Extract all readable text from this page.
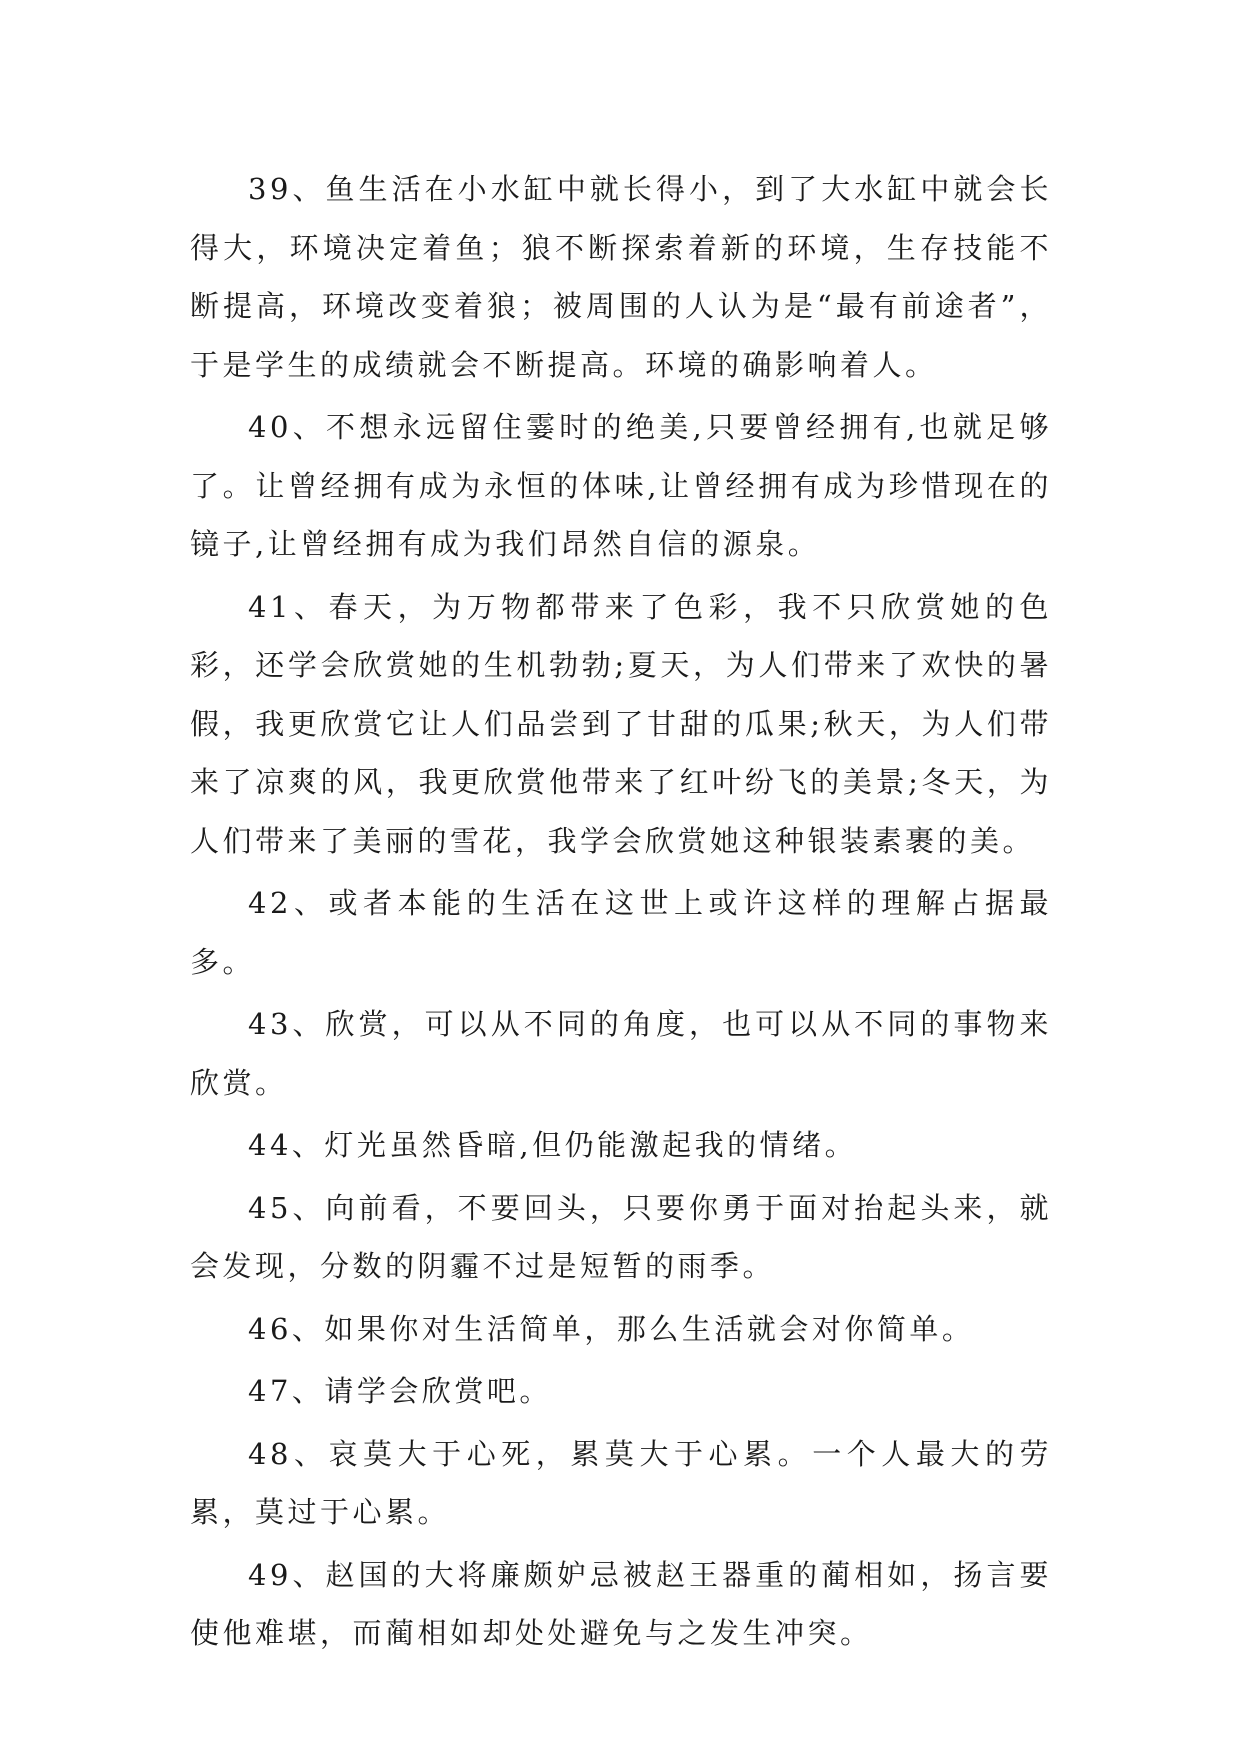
39、鱼生活在小水缸中就长得小，到了大水缸中就会长得大，环境决定着鱼；狼不断探索着新的环境，生存技能不断提高，环境改变着狼；被周围的人认为是“最有前途者”，于是学生的成绩就会不断提高。环境的确影响着人。

40、不想永远留住霎时的绝美,只要曾经拥有,也就足够了。让曾经拥有成为永恒的体味,让曾经拥有成为珍惜现在的镜子,让曾经拥有成为我们昂然自信的源泉。

41、春天，为万物都带来了色彩，我不只欣赏她的色彩，还学会欣赏她的生机勃勃;夏天，为人们带来了欢快的暑假，我更欣赏它让人们品尝到了甘甜的瓜果;秋天，为人们带来了凉爽的风，我更欣赏他带来了红叶纷飞的美景;冬天，为人们带来了美丽的雪花，我学会欣赏她这种银装素裹的美。

42、或者本能的生活在这世上或许这样的理解占据最多。

43、欣赏，可以从不同的角度，也可以从不同的事物来欣赏。

44、灯光虽然昏暗,但仍能激起我的情绪。

45、向前看，不要回头，只要你勇于面对抬起头来，就会发现，分数的阴霾不过是短暂的雨季。

46、如果你对生活简单，那么生活就会对你简单。

47、请学会欣赏吧。

48、哀莫大于心死，累莫大于心累。一个人最大的劳累，莫过于心累。

49、赵国的大将廉颇妒忌被赵王器重的蔺相如，扬言要使他难堪，而蔺相如却处处避免与之发生冲突。
